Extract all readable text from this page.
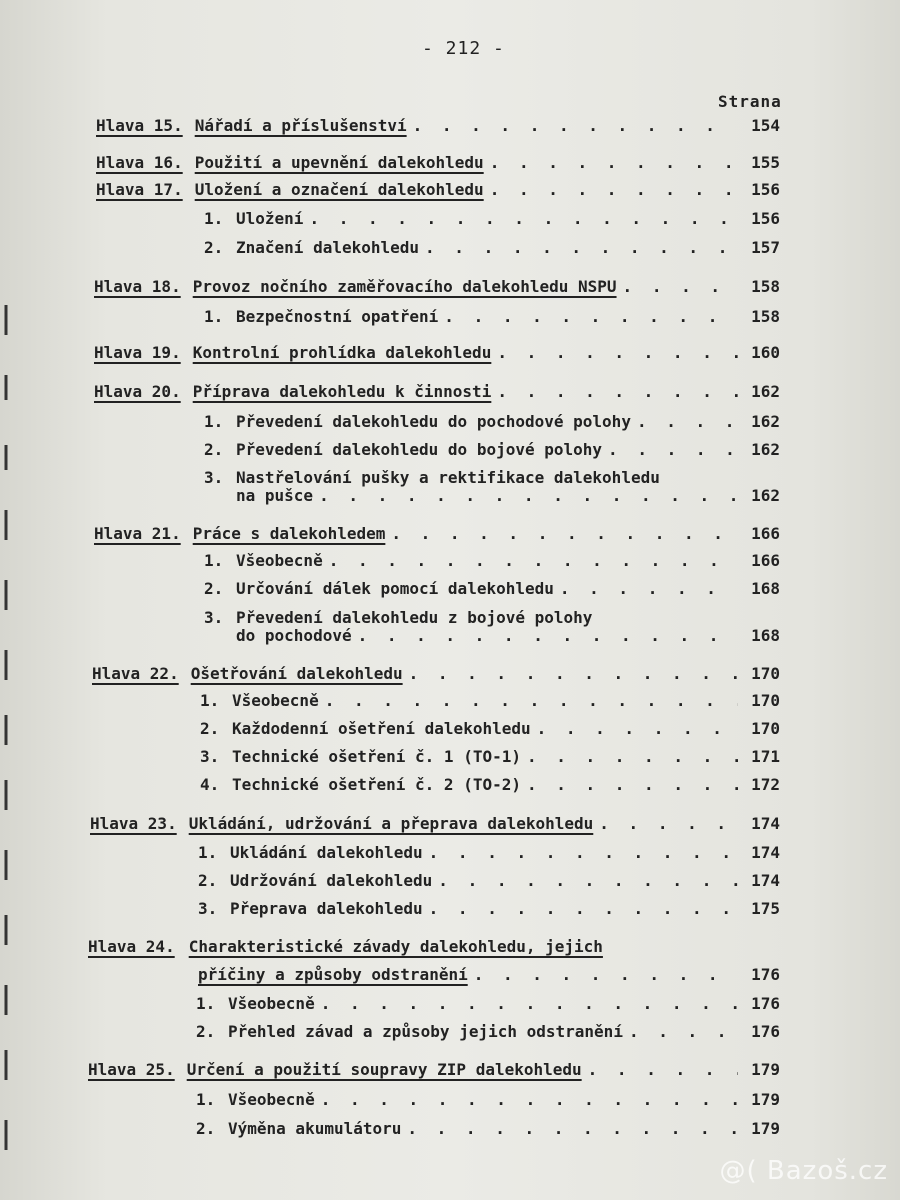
- 212 -
Strana
Hlava 15. Nářadí a příslušenství . . .	154
Hlava 16. Použití a upevnění dalekohledu . . .	155
Hlava 17. Uložení a označení dalekohledu . . .	156
1. Uložení . . .	156
2. Značení dalekohledu . . .	157
Hlava 18. Provoz nočního zaměřovacího dalekohledu NSPU . . .	158
1. Bezpečnostní opatření . . .	158
Hlava 19. Kontrolní prohlídka dalekohledu . . .	160
Hlava 20. Příprava dalekohledu k činnosti . . .	162
1. Převedení dalekohledu do pochodové polohy . . .	162
2. Převedení dalekohledu do bojové polohy . . .	162
3. Nastřelování pušky a rektifikace dalekohledu
na pušce . . .	162
Hlava 21. Práce s dalekohledem . . .	166
1. Všeobecně . . .	166
2. Určování dálek pomocí dalekohledu . . .	168
3. Převedení dalekohledu z bojové polohy
do pochodové . . .	168
Hlava 22. Ošetřování dalekohledu . . .	170
1. Všeobecně . . .	170
2. Každodenní ošetření dalekohledu . . .	170
3. Technické ošetření č. 1 (TO-1) . . .	171
4. Technické ošetření č. 2 (TO-2) . . .	172
Hlava 23. Ukládání, udržování a přeprava dalekohledu . . .	174
1. Ukládání dalekohledu . . .	174
2. Udržování dalekohledu . . .	174
3. Přeprava dalekohledu . . .	175
Hlava 24. Charakteristické závady dalekohledu, jejich
příčiny a způsoby odstranění . . .	176
1. Všeobecně . . .	176
2. Přehled závad a způsoby jejich odstranění . . .	176
Hlava 25. Určení a použití soupravy ZIP dalekohledu . . .	179
1. Všeobecně . . .	179
2. Výměna akumulátoru . . .	179
@( Bazoš.cz
